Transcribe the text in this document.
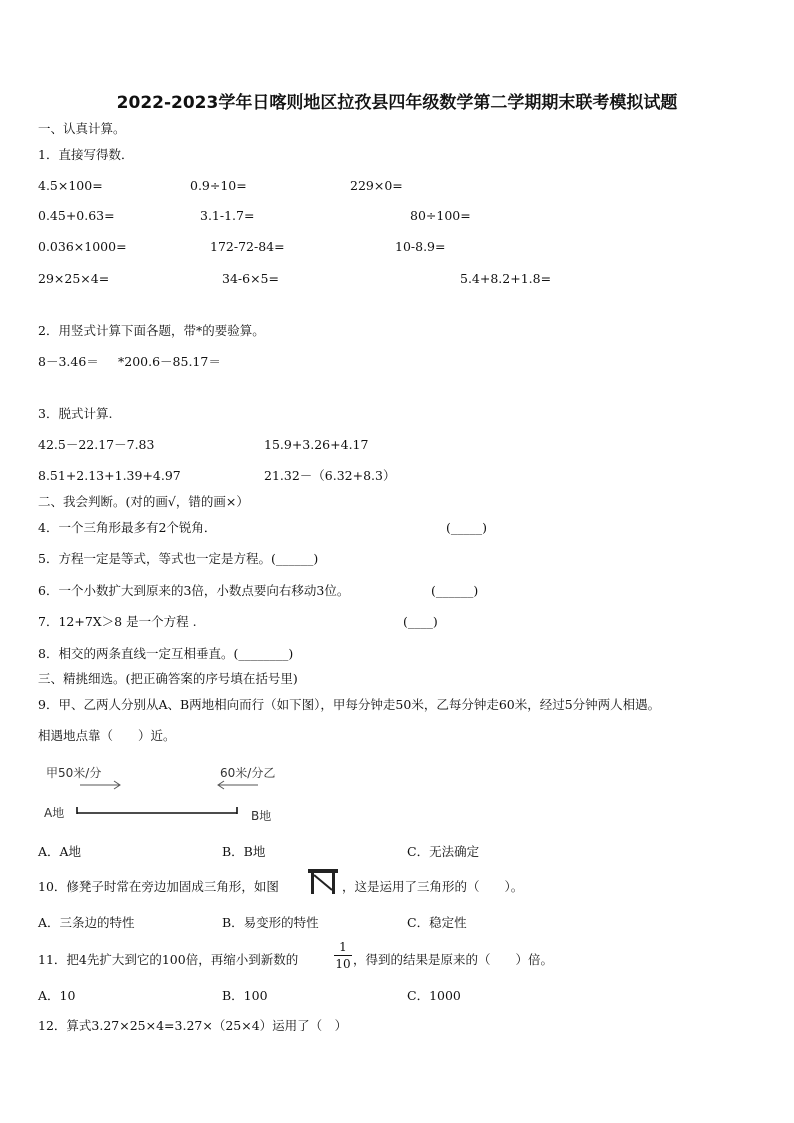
2022-2023学年日喀则地区拉孜县四年级数学第二学期期末联考模拟试题
一、认真计算。
1．直接写得数．
4.5×100=	0.9÷10=	229×0=
0.45+0.63=	3.1-1.7=	80÷100=
0.036×1000=	172-72-84=	10-8.9=
29×25×4=	34-6×5=	5.4+8.2+1.8=
2．用竖式计算下面各题，带*的要验算。
8－3.46＝ *200.6－85.17＝
3．脱式计算.
42.5－22.17－7.83	15.9+3.26+4.17
8.51+2.13+1.39+4.97	21.32－（6.32+8.3）
二、我会判断。(对的画√，错的画×）
4．一个三角形最多有2个锐角．	(_____)
5．方程一定是等式，等式也一定是方程。(______)
6．一个小数扩大到原来的3倍，小数点要向右移动3位。	(______)
7．12+7X＞8 是一个方程 .	(____)
8．相交的两条直线一定互相垂直。(________)
三、精挑细选。(把正确答案的序号填在括号里)
9．甲、乙两人分别从A、B两地相向而行（如下图），甲每分钟走50米，乙每分钟走60米，经过5分钟两人相遇。
相遇地点靠（　　）近。
甲50米/分	60米/分乙
A地	B地
A．A地	B．B地	C．无法确定
10．修凳子时常在旁边加固成三角形，如图	，这是运用了三角形的（　　）。
A．三条边的特性	B．易变形的特性	C．稳定性
11．把4先扩大到它的100倍，再缩小到新数的
1
10 ，得到的结果是原来的（　　）倍。
A．10	B．100	C．1000
12．算式3.27×25×4=3.27×（25×4）运用了（　）
